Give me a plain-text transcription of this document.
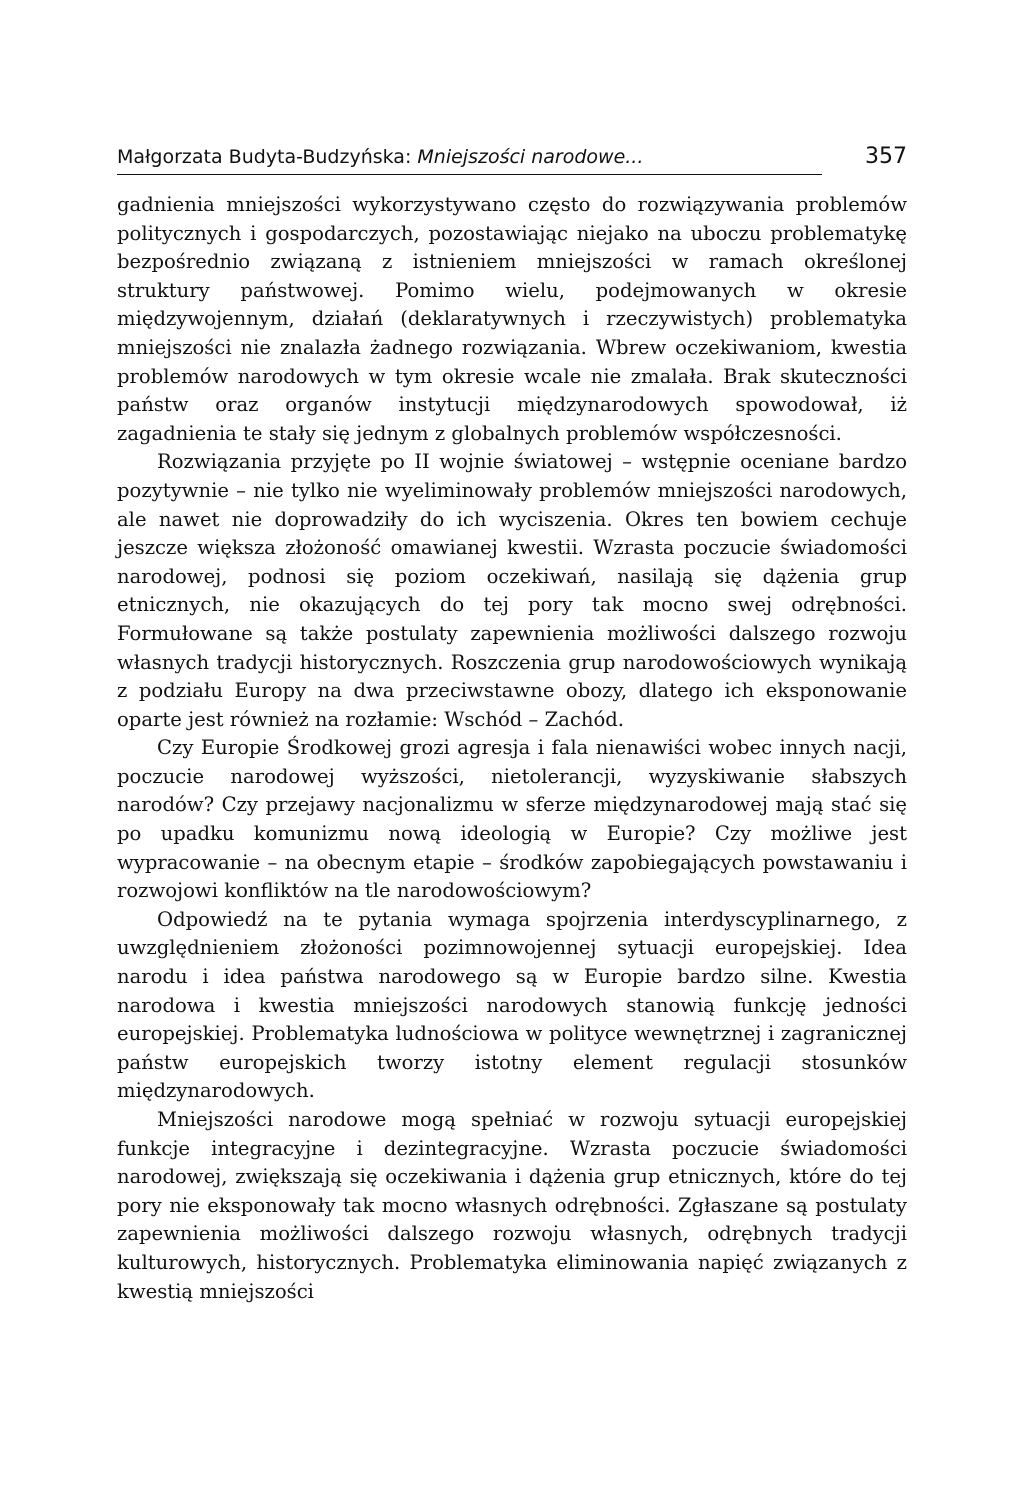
Małgorzata Budyta-Budzyńska: Mniejszości narodowe...	357

gadnienia mniejszości wykorzystywano często do rozwiązywania problemów politycznych i gospodarczych, pozostawiając niejako na uboczu problematykę bezpośrednio związaną z istnieniem mniejszości w ramach określonej struktury państwowej. Pomimo wielu, podejmowanych w okresie międzywojennym, działań (deklaratywnych i rzeczywistych) problematyka mniejszości nie znalazła żadnego rozwiązania. Wbrew oczekiwaniom, kwestia problemów narodowych w tym okresie wcale nie zmalała. Brak skuteczności państw oraz organów instytucji międzynarodowych spowodował, iż zagadnienia te stały się jednym z globalnych problemów współczesności.

Rozwiązania przyjęte po II wojnie światowej – wstępnie oceniane bardzo pozytywnie – nie tylko nie wyeliminowały problemów mniejszości narodowych, ale nawet nie doprowadziły do ich wyciszenia. Okres ten bowiem cechuje jeszcze większa złożoność omawianej kwestii. Wzrasta poczucie świadomości narodowej, podnosi się poziom oczekiwań, nasilają się dążenia grup etnicznych, nie okazujących do tej pory tak mocno swej odrębności. Formułowane są także postulaty zapewnienia możliwości dalszego rozwoju własnych tradycji historycznych. Roszczenia grup narodowościowych wynikają z podziału Europy na dwa przeciwstawne obozy, dlatego ich eksponowanie oparte jest również na rozłamie: Wschód – Zachód.

Czy Europie Środkowej grozi agresja i fala nienawiści wobec innych nacji, poczucie narodowej wyższości, nietolerancji, wyzyskiwanie słabszych narodów? Czy przejawy nacjonalizmu w sferze międzynarodowej mają stać się po upadku komunizmu nową ideologią w Europie? Czy możliwe jest wypracowanie – na obecnym etapie – środków zapobiegających powstawaniu i rozwojowi konfliktów na tle narodowościowym?

Odpowiedź na te pytania wymaga spojrzenia interdyscyplinarnego, z uwzględnieniem złożoności pozimnowojennej sytuacji europejskiej. Idea narodu i idea państwa narodowego są w Europie bardzo silne. Kwestia narodowa i kwestia mniejszości narodowych stanowią funkcję jedności europejskiej. Problematyka ludnościowa w polityce wewnętrznej i zagranicznej państw europejskich tworzy istotny element regulacji stosunków międzynarodowych.

Mniejszości narodowe mogą spełniać w rozwoju sytuacji europejskiej funkcje integracyjne i dezintegracyjne. Wzrasta poczucie świadomości narodowej, zwiększają się oczekiwania i dążenia grup etnicznych, które do tej pory nie eksponowały tak mocno własnych odrębności. Zgłaszane są postulaty zapewnienia możliwości dalszego rozwoju własnych, odrębnych tradycji kulturowych, historycznych. Problematyka eliminowania napięć związanych z kwestią mniejszości
